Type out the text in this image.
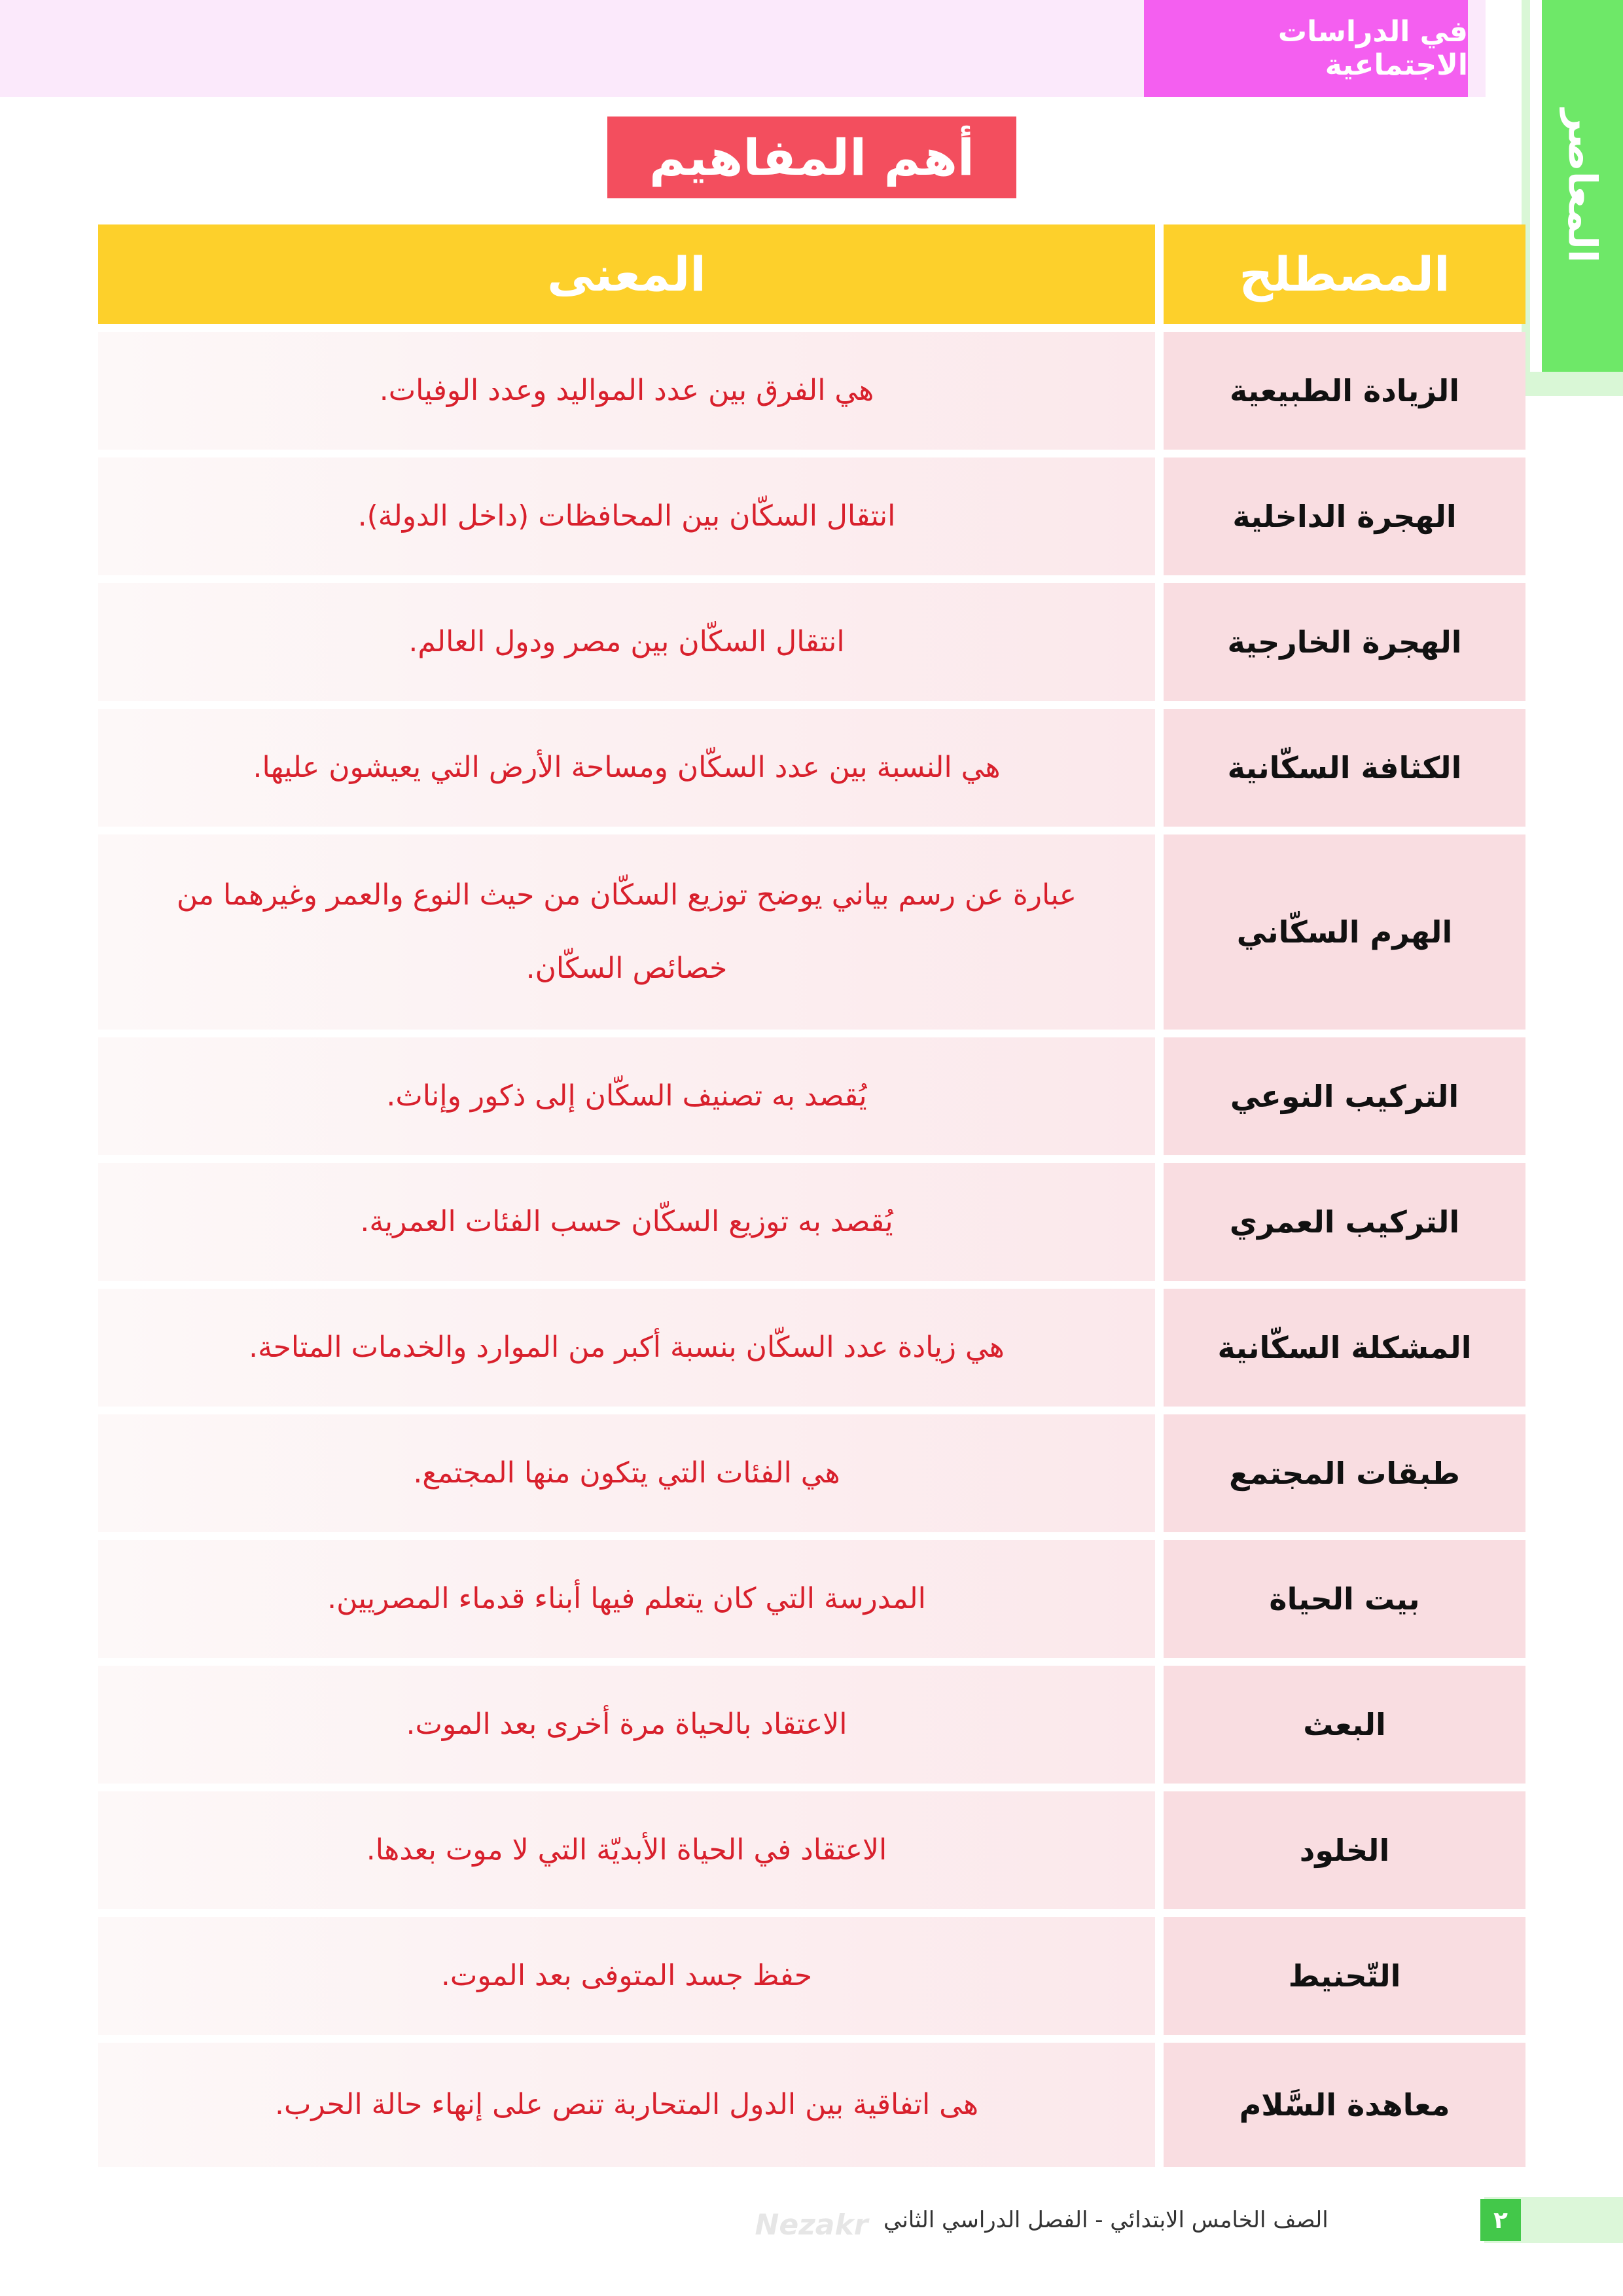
في الدراسات الاجتماعية
المعاصر
أهم المفاهيم
المصطلح
المعنى
الزيادة الطبيعية
هي الفرق بين عدد المواليد وعدد الوفيات.
الهجرة الداخلية
انتقال السكّان بين المحافظات (داخل الدولة).
الهجرة الخارجية
انتقال السكّان بين مصر ودول العالم.
الكثافة السكّانية
هي النسبة بين عدد السكّان ومساحة الأرض التي يعيشون عليها.
الهرم السكّاني
عبارة عن رسم بياني يوضح توزيع السكّان من حيث النوع والعمر وغيرهما من خصائص السكّان.
التركيب النوعي
يُقصد به تصنيف السكّان إلى ذكور وإناث.
التركيب العمري
يُقصد به توزيع السكّان حسب الفئات العمرية.
المشكلة السكّانية
هي زيادة عدد السكّان بنسبة أكبر من الموارد والخدمات المتاحة.
طبقات المجتمع
هي الفئات التي يتكون منها المجتمع.
بيت الحياة
المدرسة التي كان يتعلم فيها أبناء قدماء المصريين.
البعث
الاعتقاد بالحياة مرة أخرى بعد الموت.
الخلود
الاعتقاد في الحياة الأبديّة التي لا موت بعدها.
التّحنيط
حفظ جسد المتوفى بعد الموت.
معاهدة السَّلام
هى اتفاقية بين الدول المتحاربة تنص على إنهاء حالة الحرب.
Nezakr	٢
الصف الخامس الابتدائي - الفصل الدراسي الثاني
